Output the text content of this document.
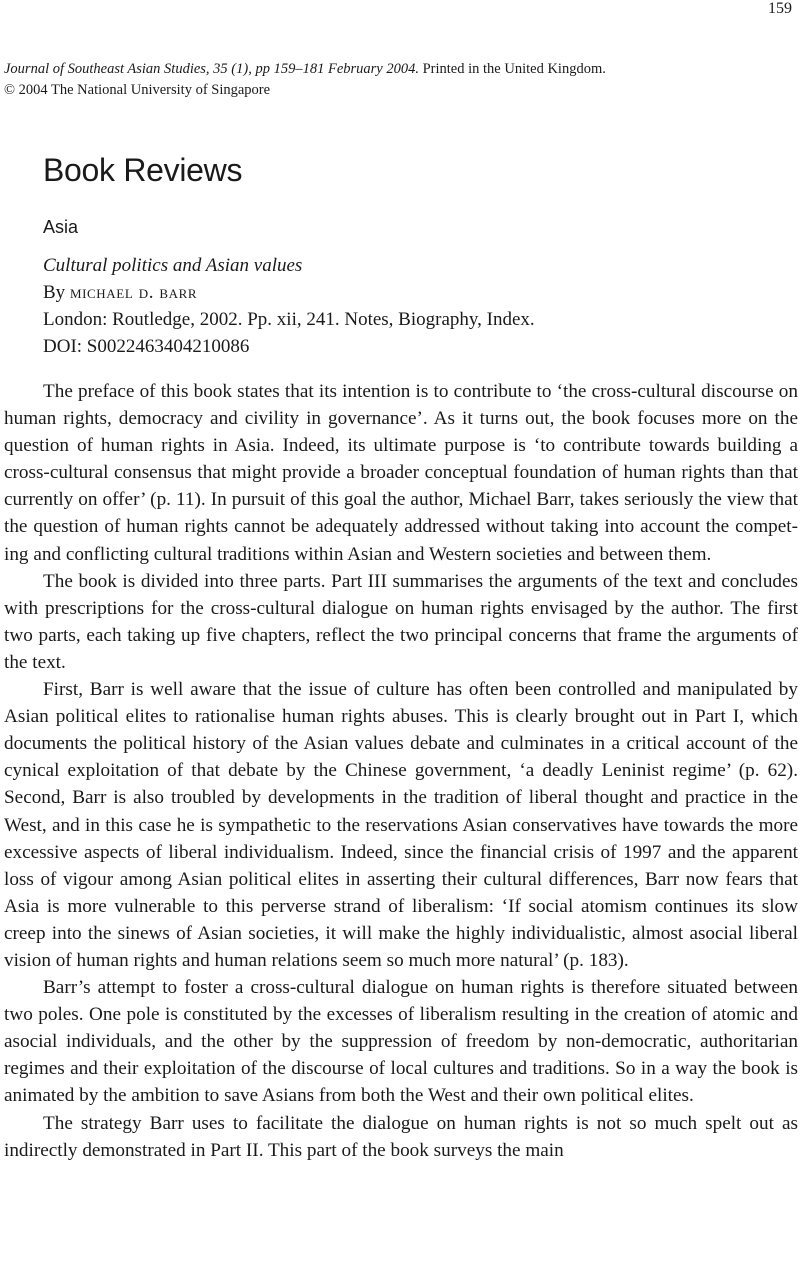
159
Journal of Southeast Asian Studies, 35 (1), pp 159–181 February 2004. Printed in the United Kingdom.
© 2004 The National University of Singapore
Book Reviews
Asia
Cultural politics and Asian values
By michael d. barr
London: Routledge, 2002. Pp. xii, 241. Notes, Biography, Index.
DOI: S0022463404210086

The preface of this book states that its intention is to contribute to ‘the cross-cultural discourse on human rights, democracy and civility in governance’. As it turns out, the book focuses more on the question of human rights in Asia. Indeed, its ultimate purpose is ‘to contribute towards building a cross-cultural consensus that might provide a broader conceptual foundation of human rights than that currently on offer’ (p. 11). In pursuit of this goal the author, Michael Barr, takes seriously the view that the question of human rights cannot be adequately addressed without taking into account the compet-ing and conflicting cultural traditions within Asian and Western societies and between them.

The book is divided into three parts. Part III summarises the arguments of the text and concludes with prescriptions for the cross-cultural dialogue on human rights envisaged by the author. The first two parts, each taking up five chapters, reflect the two principal concerns that frame the arguments of the text.

First, Barr is well aware that the issue of culture has often been controlled and manipulated by Asian political elites to rationalise human rights abuses. This is clearly brought out in Part I, which documents the political history of the Asian values debate and culminates in a critical account of the cynical exploitation of that debate by the Chinese government, ‘a deadly Leninist regime’ (p. 62). Second, Barr is also troubled by developments in the tradition of liberal thought and practice in the West, and in this case he is sympathetic to the reservations Asian conservatives have towards the more excessive aspects of liberal individualism. Indeed, since the financial crisis of 1997 and the apparent loss of vigour among Asian political elites in asserting their cultural differences, Barr now fears that Asia is more vulnerable to this perverse strand of liberalism: ‘If social atomism continues its slow creep into the sinews of Asian societies, it will make the highly individualistic, almost asocial liberal vision of human rights and human relations seem so much more natural’ (p. 183).

Barr’s attempt to foster a cross-cultural dialogue on human rights is therefore situated between two poles. One pole is constituted by the excesses of liberalism resulting in the creation of atomic and asocial individuals, and the other by the suppression of freedom by non-democratic, authoritarian regimes and their exploitation of the discourse of local cultures and traditions. So in a way the book is animated by the ambition to save Asians from both the West and their own political elites.

The strategy Barr uses to facilitate the dialogue on human rights is not so much spelt out as indirectly demonstrated in Part II. This part of the book surveys the main
